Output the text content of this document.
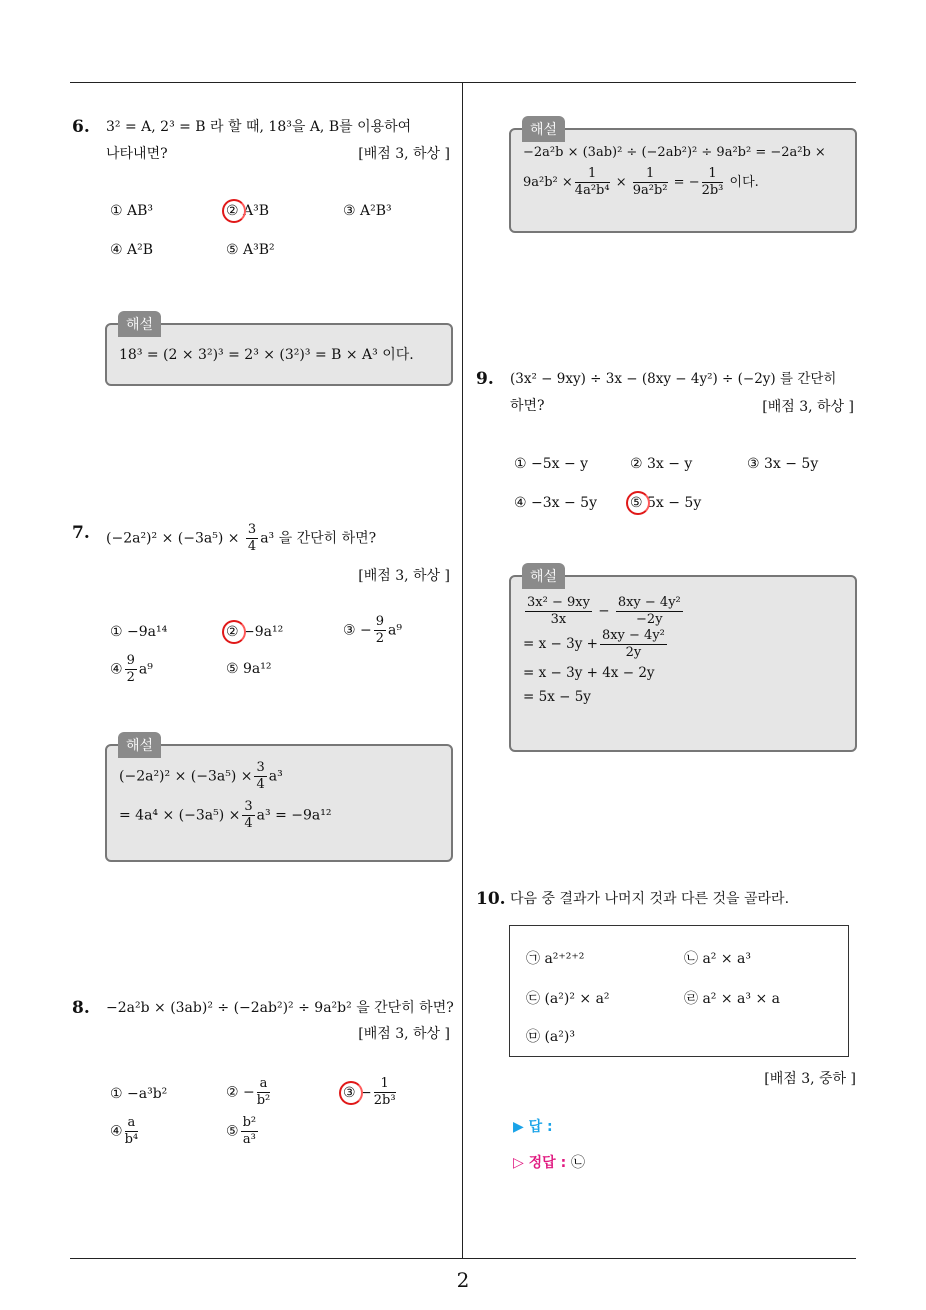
6. 3² = A, 2³ = B 라 할 때, 18³을 A, B를 이용하여
나타내면?	[배점 3, 하상 ]
① AB³	② A³B	③ A²B³
④ A²B	⑤ A³B²
18³ = (2 × 3²)³ = 2³ × (3²)³ = B × A³ 이다.
해설
7. $(-2a^2)^2 \times (-3a^5) \times \frac{3}{4} a^3$ 을 간단히 하면?
[배점 3, 하상 ]
① −9a¹⁴	② −9a¹²	③ − $\frac{9}{2} a^9$
④ $\frac{9}{2} a^9$	⑤ 9a¹²
$(-2a^2)^2 \times (-3a^5) \times \frac{3}{4} a^3$
= $4a^4 \times (-3a^5) \times \frac{3}{4} a^3 = -9a^{12}$
해설
8. −2a²b × (3ab)² ÷ (−2ab²)² ÷ 9a²b² 을 간단히 하면?
[배점 3, 하상 ]
① −a³b²	② − $\frac{a}{\text{b²}}$	③ − $\frac{1}{\text{2b³}}$
④ $\frac{a}{\text{b⁴}}$	⑤ $\frac{\text{b²}}{\text{a³}}$
−2a²b × (3ab)² ÷ (−2ab²)² ÷ 9a²b² = −2a²b ×
$9a^2b^2 \times \frac{1}{\text{4a²b⁴}} \times \frac{1}{\text{9a²b²}}$ = − $\frac{1}{\text{2b³}}$ 이다.
해설
9. (3x² − 9xy) ÷ 3x − (8xy − 4y²) ÷ (−2y) 를 간단히
하면?	[배점 3, 하상 ]
① −5x − y	② 3x − y	③ 3x − 5y
④ −3x − 5y ⑤ 5x − 5y
$\frac{\text{3x² − 9xy}}{3x} - \frac{\text{8xy − 4y²}}{-2y}$
= $x - 3y + \frac{\text{8xy − 4y²}}{2y}$
= x − 3y + 4x − 2y
= 5x − 5y
해설
10. 다음 중 결과가 나머지 것과 다른 것을 골라라.
㉠ a²⁺²⁺²	㉡ a² × a³
㉢ (a²)² × a²	㉣ a² × a³ × a
㉤ (a²)³
[배점 3, 중하 ]
▶ 답 :
▷ 정답 : ㉡
2
